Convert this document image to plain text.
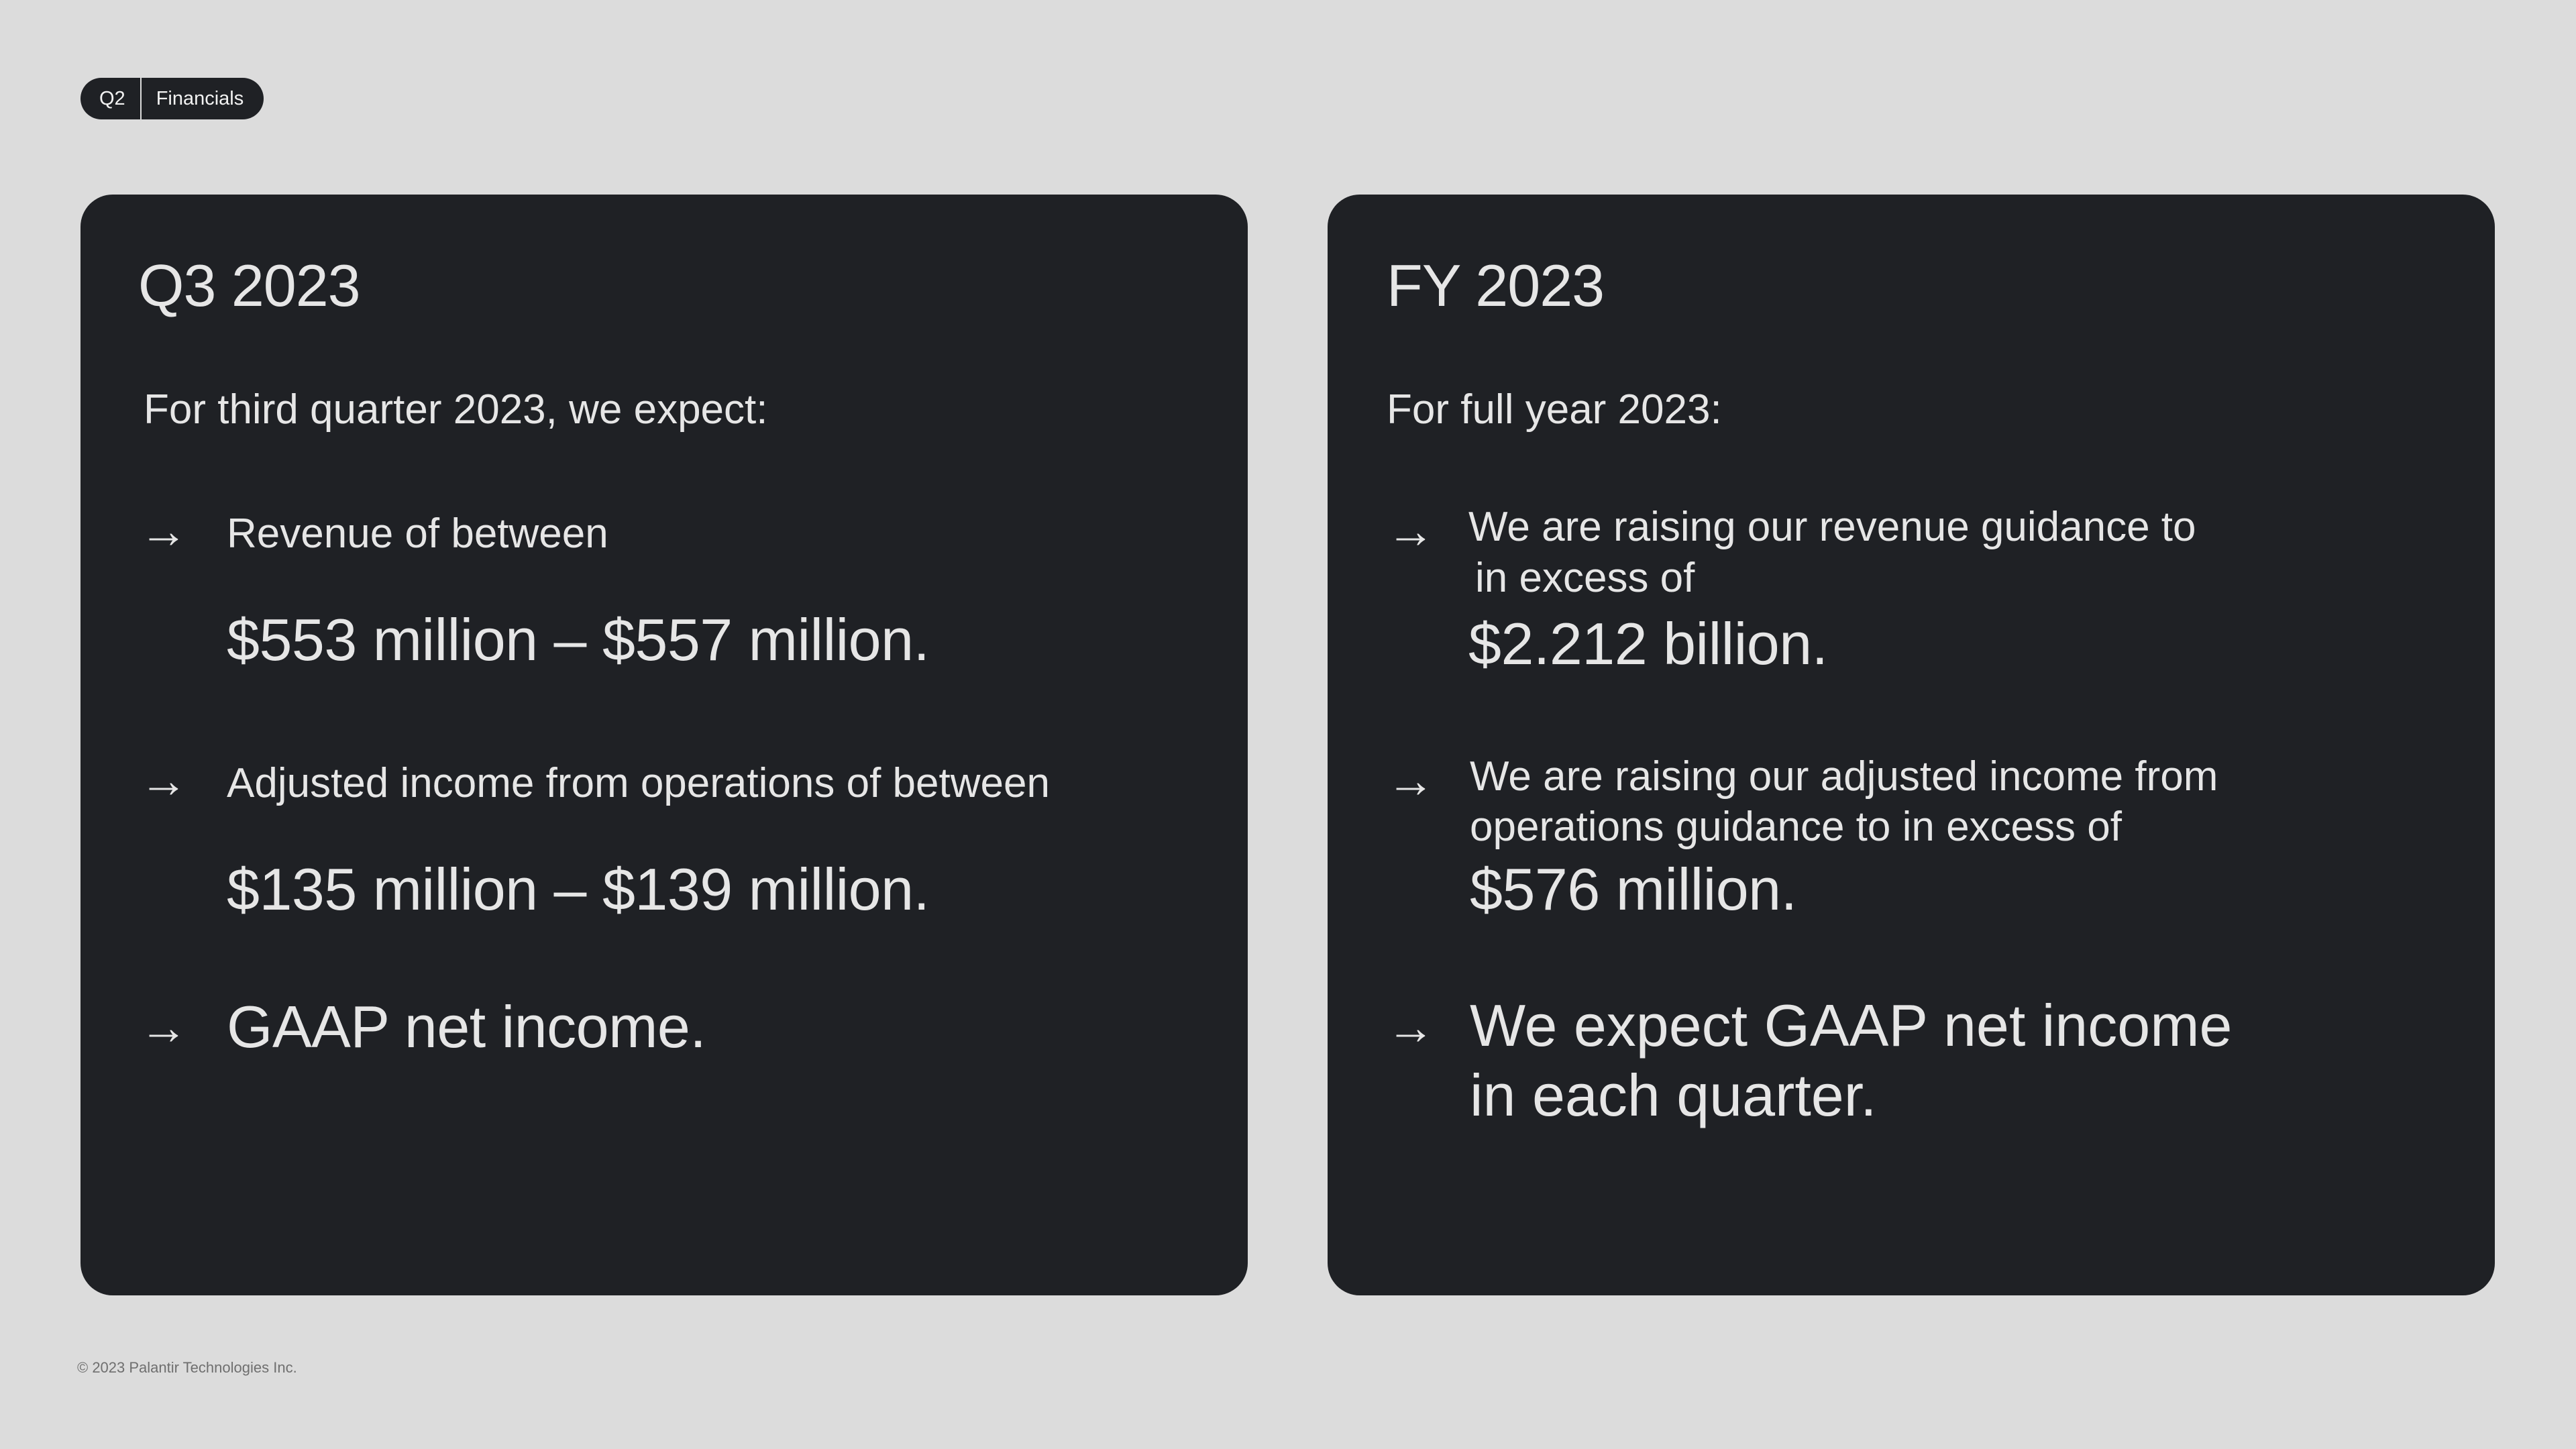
Q2	Financials
Q3 2023
For third quarter 2023, we expect:
→ Revenue of between
$553 million – $557 million.
→ Adjusted income from operations of between
$135 million – $139 million.
→ GAAP net income.
FY 2023
For full year 2023:
→ We are raising our revenue guidance to
in excess of
$2.212 billion.
→ We are raising our adjusted income from
operations guidance to in excess of
$576 million.
→ We expect GAAP net income
in each quarter.
© 2023 Palantir Technologies Inc.
